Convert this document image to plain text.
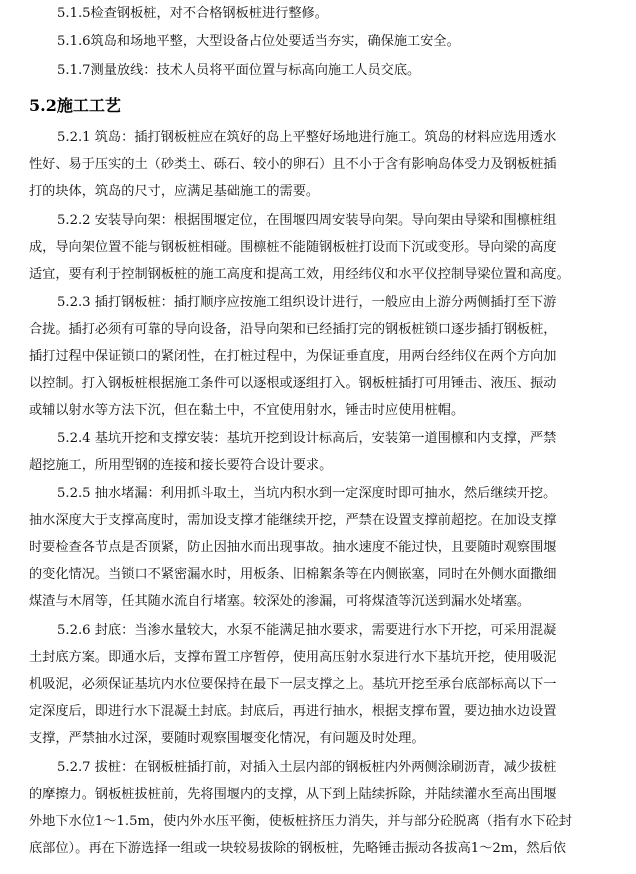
5.1.5检查钢板桩，对不合格钢板桩进行整修。
5.1.6筑岛和场地平整，大型设备占位处要适当夯实，确保施工安全。
5.1.7测量放线：技术人员将平面位置与标高向施工人员交底。
5.2施工工艺
5.2.1 筑岛：插打钢板桩应在筑好的岛上平整好场地进行施工。筑岛的材料应选用透水
性好、易于压实的土（砂类土、砾石、较小的卵石）且不小于含有影响岛体受力及钢板桩插
打的块体，筑岛的尺寸，应满足基础施工的需要。
5.2.2 安装导向架：根据围堰定位，在围堰四周安装导向架。导向架由导梁和围檩桩组
成，导向架位置不能与钢板桩相碰。围檩桩不能随钢板桩打设而下沉或变形。导向梁的高度
适宜，要有利于控制钢板桩的施工高度和提高工效，用经纬仪和水平仪控制导梁位置和高度。
5.2.3 插打钢板桩：插打顺序应按施工组织设计进行，一般应由上游分两侧插打至下游
合拢。插打必须有可靠的导向设备，沿导向架和已经插打完的钢板桩锁口逐步插打钢板桩，
插打过程中保证锁口的紧闭性，在打桩过程中，为保证垂直度，用两台经纬仪在两个方向加
以控制。打入钢板桩根据施工条件可以逐根或逐组打入。钢板桩插打可用锤击、液压、振动
或辅以射水等方法下沉，但在黏土中，不宜使用射水，锤击时应使用桩帽。
5.2.4 基坑开挖和支撑安装：基坑开挖到设计标高后，安装第一道围檩和内支撑，严禁
超挖施工，所用型钢的连接和接长要符合设计要求。
5.2.5 抽水堵漏：利用抓斗取土，当坑内积水到一定深度时即可抽水，然后继续开挖。
抽水深度大于支撑高度时，需加设支撑才能继续开挖，严禁在设置支撑前超挖。在加设支撑
时要检查各节点是否顶紧，防止因抽水而出现事故。抽水速度不能过快，且要随时观察围堰
的变化情况。当锁口不紧密漏水时，用板条、旧棉絮条等在内侧嵌塞，同时在外侧水面撒细
煤渣与木屑等，任其随水流自行堵塞。较深处的渗漏，可将煤渣等沉送到漏水处堵塞。
5.2.6 封底：当渗水量较大，水泵不能满足抽水要求，需要进行水下开挖，可采用混凝
土封底方案。即通水后，支撑布置工序暂停，使用高压射水泵进行水下基坑开挖，使用吸泥
机吸泥，必须保证基坑内水位要保持在最下一层支撑之上。基坑开挖至承台底部标高以下一
定深度后，即进行水下混凝土封底。封底后，再进行抽水，根据支撑布置，要边抽水边设置
支撑，严禁抽水过深，要随时观察围堰变化情况，有问题及时处理。
5.2.7 拔桩：在钢板桩插打前，对插入土层内部的钢板桩内外两侧涂刷沥青，减少拔桩
的摩擦力。钢板桩拔桩前，先将围堰内的支撑，从下到上陆续拆除，并陆续灌水至高出围堰
外地下水位1～1.5m，使内外水压平衡，使板桩挤压力消失，并与部分砼脱离（指有水下砼封
底部位）。再在下游选择一组或一块较易拔除的钢板桩，先略锤击振动各拔高1～2m，然后依
